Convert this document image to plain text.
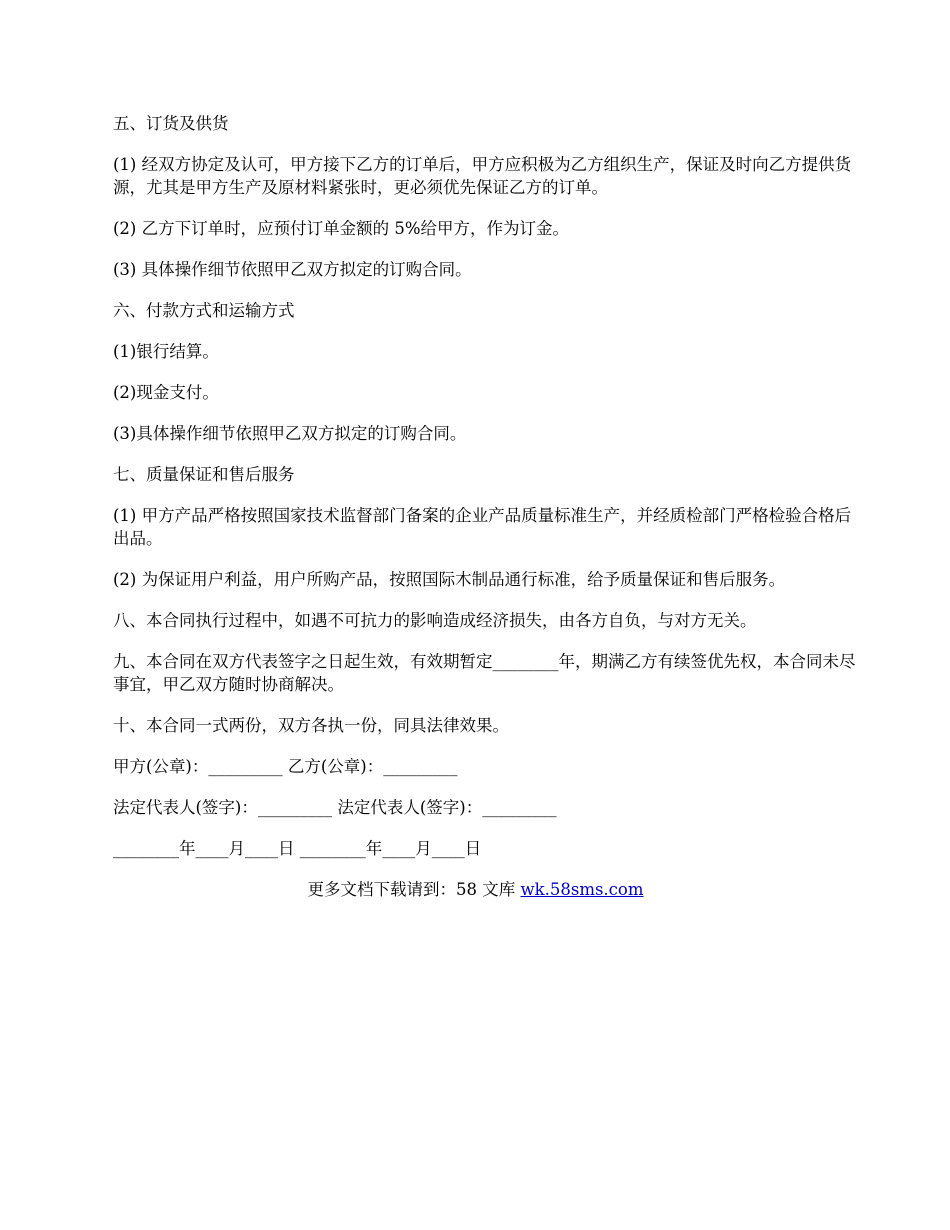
五、订货及供货

(1) 经双方协定及认可，甲方接下乙方的订单后，甲方应积极为乙方组织生产，保证及时向乙方提供货源，尤其是甲方生产及原材料紧张时，更必须优先保证乙方的订单。

(2) 乙方下订单时，应预付订单金额的 5%给甲方，作为订金。

(3) 具体操作细节依照甲乙双方拟定的订购合同。

六、付款方式和运输方式

(1)银行结算。

(2)现金支付。

(3)具体操作细节依照甲乙双方拟定的订购合同。

七、质量保证和售后服务

(1) 甲方产品严格按照国家技术监督部门备案的企业产品质量标准生产，并经质检部门严格检验合格后出品。

(2) 为保证用户利益，用户所购产品，按照国际木制品通行标准，给予质量保证和售后服务。

八、本合同执行过程中，如遇不可抗力的影响造成经济损失，由各方自负，与对方无关。

九、本合同在双方代表签字之日起生效，有效期暂定________年，期满乙方有续签优先权，本合同未尽事宜，甲乙双方随时协商解决。

十、本合同一式两份，双方各执一份，同具法律效果。

甲方(公章)：_________ 乙方(公章)：_________

法定代表人(签字)：_________ 法定代表人(签字)：_________

________年____月____日 ________年____月____日

更多文档下载请到：58 文库 wk.58sms.com
